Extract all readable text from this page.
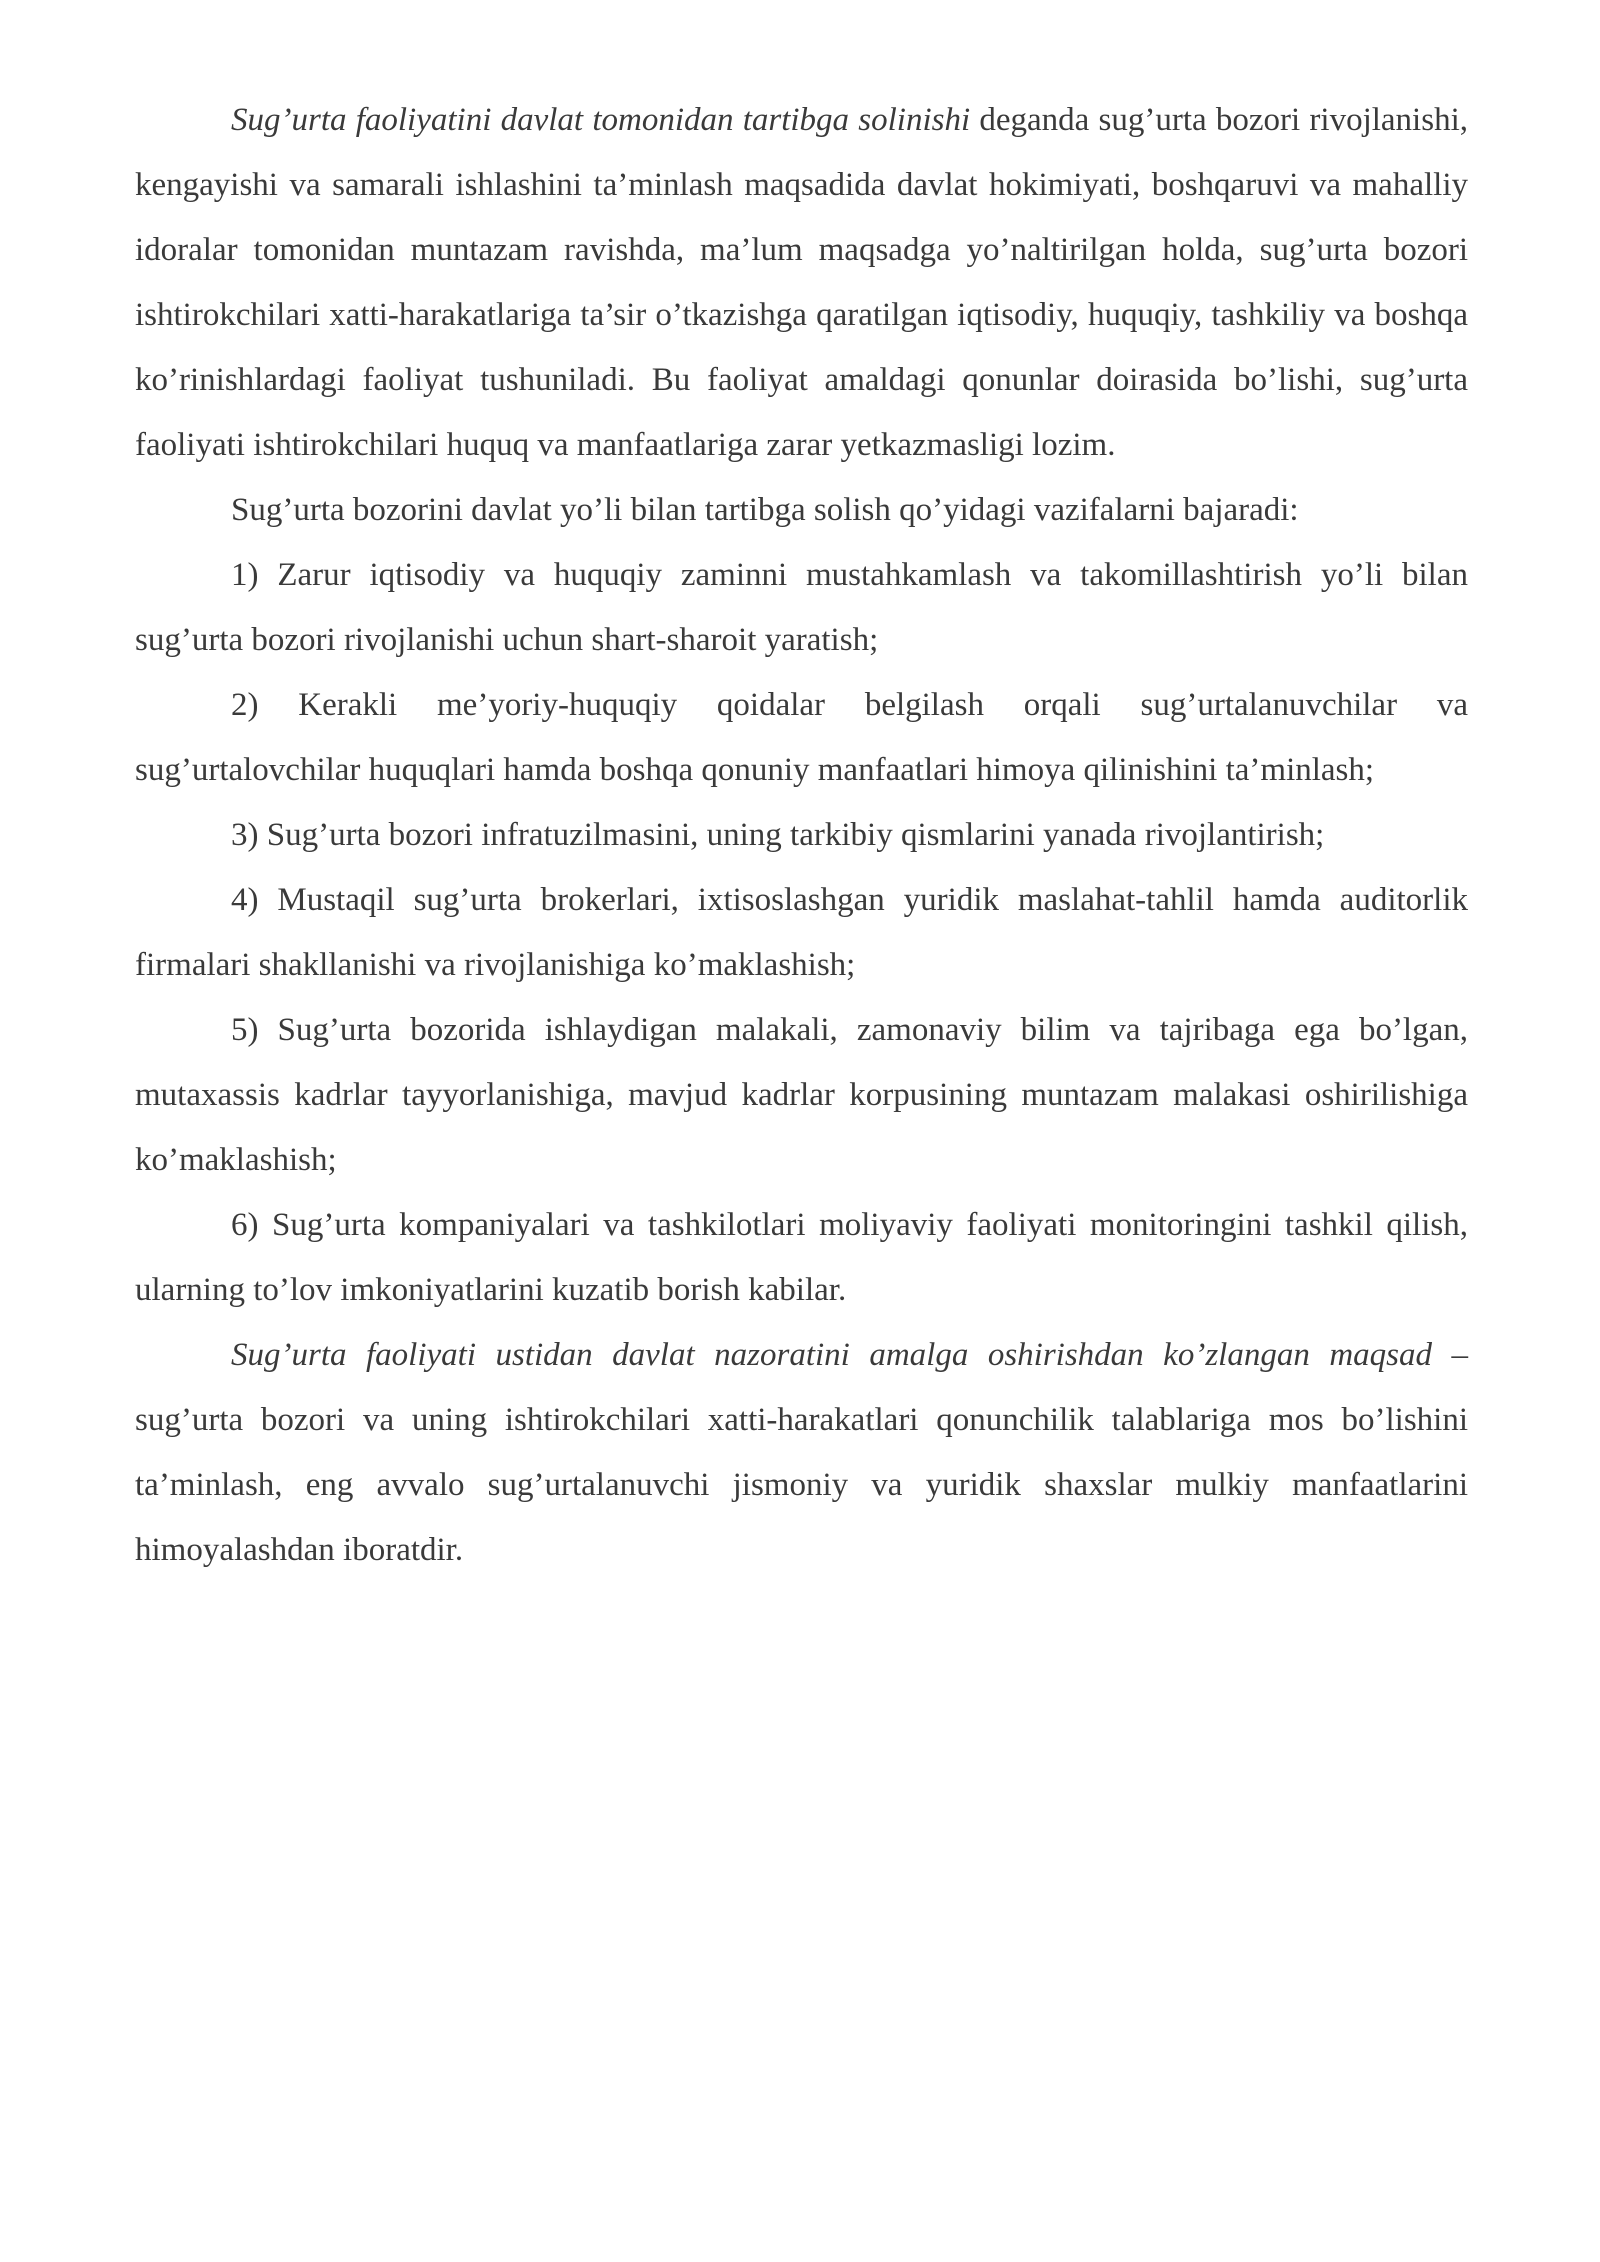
Sug’urta faoliyatini davlat tomonidan tartibga solinishi deganda sug’urta bozori rivojlanishi, kengayishi va samarali ishlashini ta’minlash maqsadida davlat hokimiyati, boshqaruvi va mahalliy idoralar tomonidan muntazam ravishda, ma’lum maqsadga yo’naltirilgan holda, sug’urta bozori ishtirokchilari xatti-harakatlariga ta’sir o’tkazishga qaratilgan iqtisodiy, huquqiy, tashkiliy va boshqa ko’rinishlardagi faoliyat tushuniladi. Bu faoliyat amaldagi qonunlar doirasida bo’lishi, sug’urta faoliyati ishtirokchilari huquq va manfaatlariga zarar yetkazmasligi lozim.

Sug’urta bozorini davlat yo’li bilan tartibga solish qo’yidagi vazifalarni bajaradi:

1) Zarur iqtisodiy va huquqiy zaminni mustahkamlash va takomillashtirish yo’li bilan sug’urta bozori rivojlanishi uchun shart-sharoit yaratish;

2) Kerakli me’yoriy-huquqiy qoidalar belgilash orqali sug’urtalanuvchilar va sug’urtalovchilar huquqlari hamda boshqa qonuniy manfaatlari himoya qilinishini ta’minlash;

3) Sug’urta bozori infratuzilmasini, uning tarkibiy qismlarini yanada rivojlantirish;

4) Mustaqil sug’urta brokerlari, ixtisoslashgan yuridik maslahat-tahlil hamda auditorlik firmalari shakllanishi va rivojlanishiga ko’maklashish;

5) Sug’urta bozorida ishlaydigan malakali, zamonaviy bilim va tajribaga ega bo’lgan, mutaxassis kadrlar tayyorlanishiga, mavjud kadrlar korpusining muntazam malakasi oshirilishiga ko’maklashish;

6) Sug’urta kompaniyalari va tashkilotlari moliyaviy faoliyati monitoringini tashkil qilish, ularning to’lov imkoniyatlarini kuzatib borish kabilar.

Sug’urta faoliyati ustidan davlat nazoratini amalga oshirishdan ko’zlangan maqsad – sug’urta bozori va uning ishtirokchilari xatti-harakatlari qonunchilik talablariga mos bo’lishini ta’minlash, eng avvalo sug’urtalanuvchi jismoniy va yuridik shaxslar mulkiy manfaatlarini himoyalashdan iboratdir.
